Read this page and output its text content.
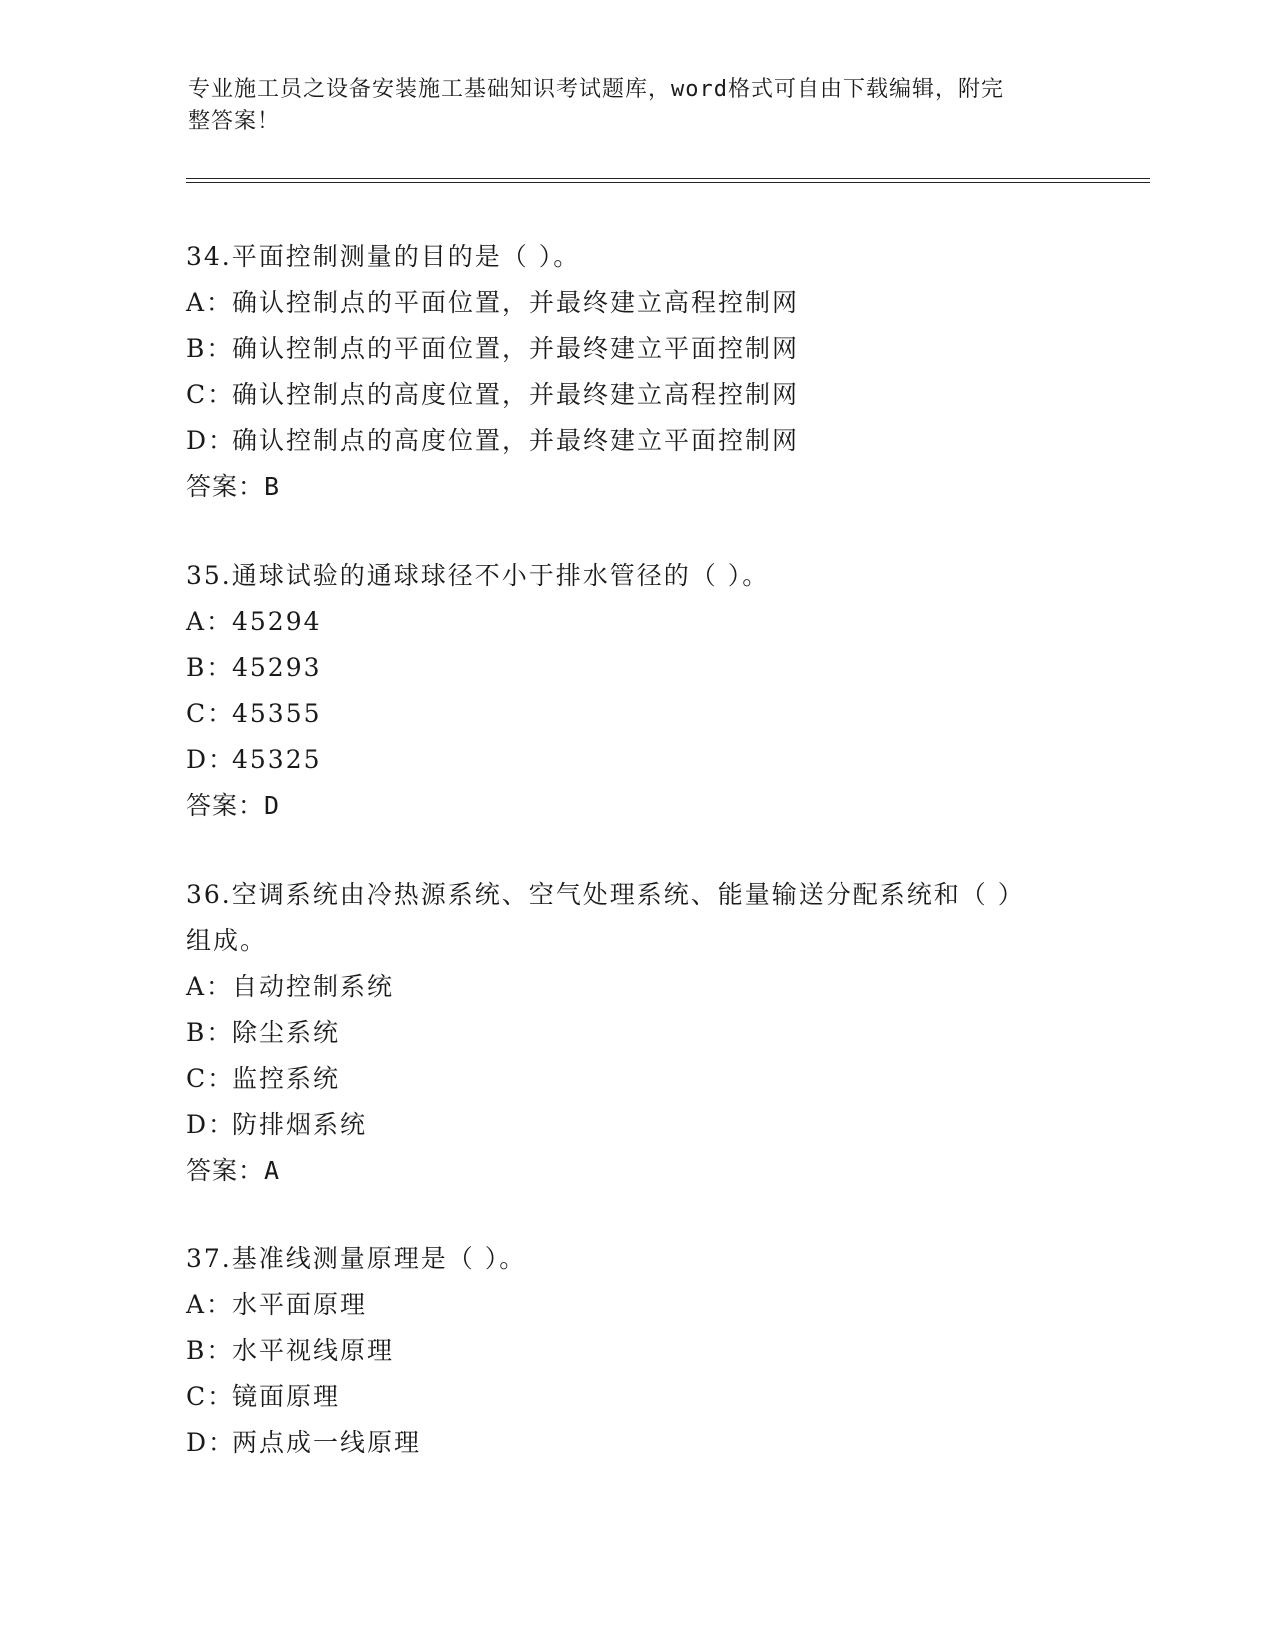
专业施工员之设备安装施工基础知识考试题库，word格式可自由下载编辑，附完
整答案！
34.平面控制测量的目的是（ ）。
A：确认控制点的平面位置，并最终建立高程控制网
B：确认控制点的平面位置，并最终建立平面控制网
C：确认控制点的高度位置，并最终建立高程控制网
D：确认控制点的高度位置，并最终建立平面控制网
答案：B
35.通球试验的通球球径不小于排水管径的（ ）。
A：45294
B：45293
C：45355
D：45325
答案：D
36.空调系统由冷热源系统、空气处理系统、能量输送分配系统和（ ）组成。
A：自动控制系统
B：除尘系统
C：监控系统
D：防排烟系统
答案：A
37.基准线测量原理是（ ）。
A：水平面原理
B：水平视线原理
C：镜面原理
D：两点成一线原理
